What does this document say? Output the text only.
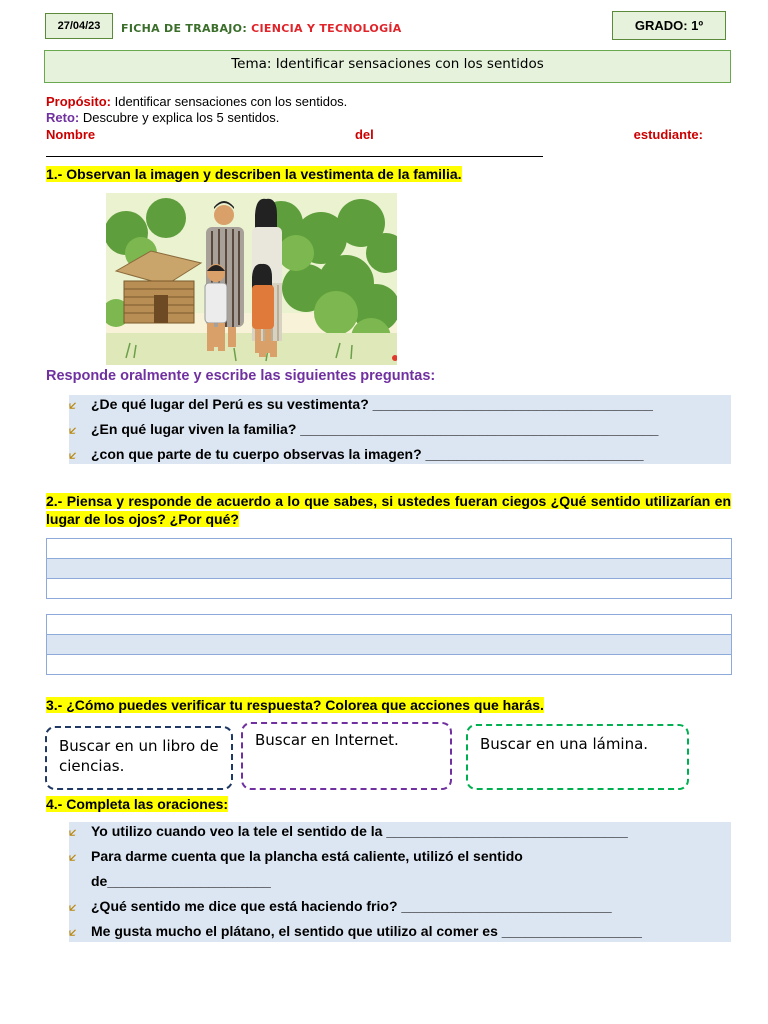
27/04/23 FICHA DE TRABAJO: CIENCIA Y TECNOLOGÍA	GRADO: 1º
Tema: Identificar sensaciones con los sentidos
Propósito: Identificar sensaciones con los sentidos.
Reto: Descubre y explica los 5 sentidos.
Nombre	del	estudiante:
1.- Observan la imagen y describen la vestimenta de la familia.
Responde oralmente y escribe las siguientes preguntas:
🡧 ¿De qué lugar del Perú es su vestimenta? ____________________________________
🡧 ¿En qué lugar viven la familia? ______________________________________________
🡧 ¿con que parte de tu cuerpo observas la imagen? ____________________________
2.- Piensa y responde de acuerdo a lo que sabes, si ustedes fueran ciegos ¿Qué sentido utilizarían en lugar de los ojos? ¿Por qué?
3.- ¿Cómo puedes verificar tu respuesta? Colorea que acciones que harás.
Buscar en un libro de ciencias.
Buscar en Internet.	Buscar en una lámina.
4.- Completa las oraciones:
🡧 Yo utilizo cuando veo la tele el sentido de la _______________________________
🡧 Para darme cuenta que la plancha está caliente, utilizó el sentido
de_____________________
🡧 ¿Qué sentido me dice que está haciendo frio? ___________________________
🡧 Me gusta mucho el plátano, el sentido que utilizo al comer es __________________
